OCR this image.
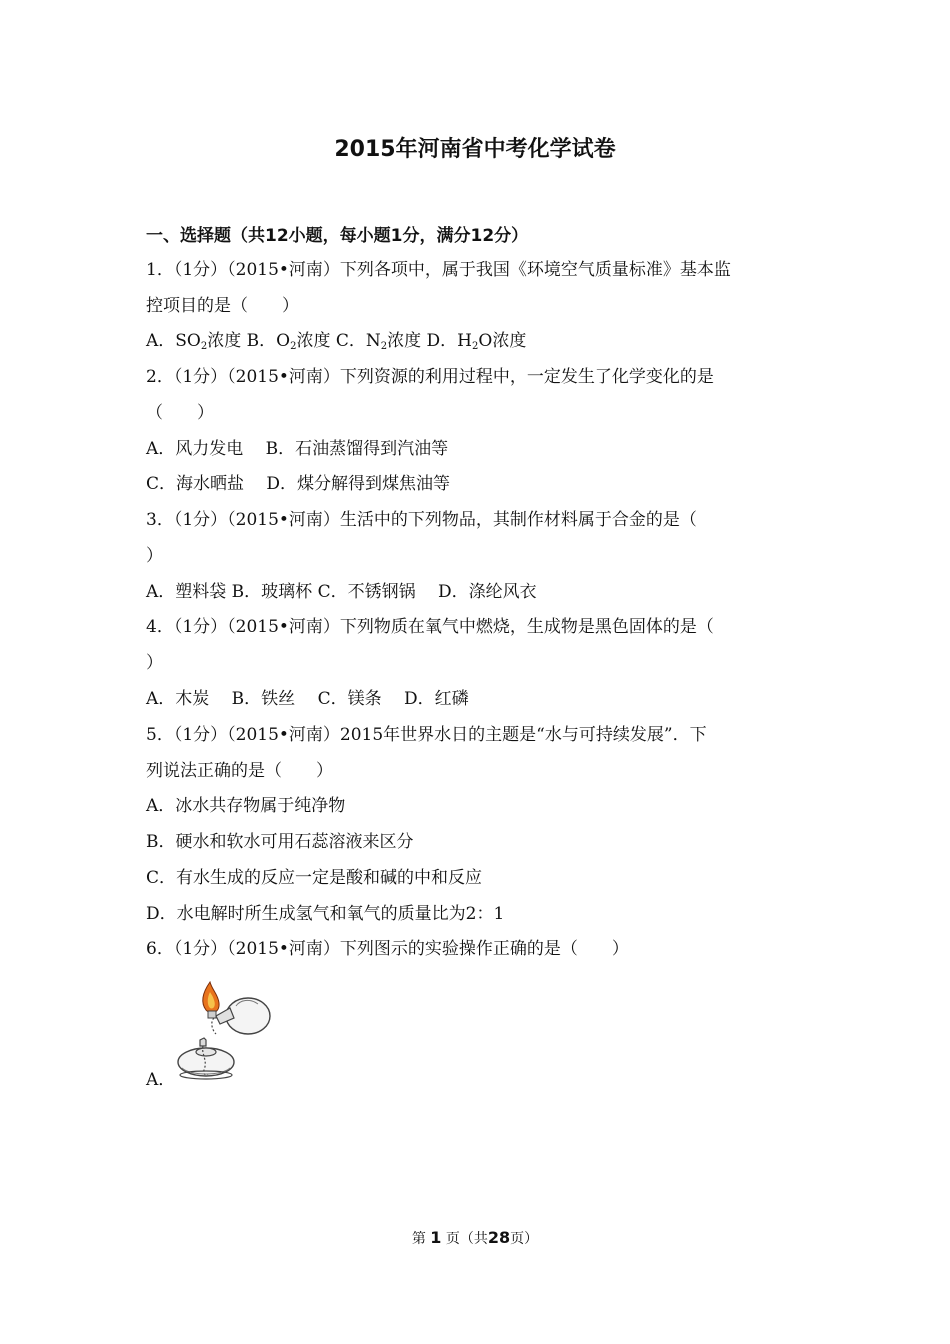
2015年河南省中考化学试卷
一、选择题（共12小题，每小题1分，满分12分）
1．（1分）（2015•河南）下列各项中，属于我国《环境空气质量标准》基本监
控项目的是（　　）
A．$SO_2$浓度 B．$O_2$浓度 C．$N_2$浓度 D．$H_2O$浓度
2．（1分）（2015•河南）下列资源的利用过程中，一定发生了化学变化的是
（　　）
A．风力发电　 B．石油蒸馏得到汽油等
C．海水晒盐　 D．煤分解得到煤焦油等
3．（1分）（2015•河南）生活中的下列物品，其制作材料属于合金的是（
）
A．塑料袋 B．玻璃杯 C．不锈钢锅　 D．涤纶风衣
4．（1分）（2015•河南）下列物质在氧气中燃烧，生成物是黑色固体的是（
）
A．木炭　 B．铁丝　 C．镁条　 D．红磷
5．（1分）（2015•河南）2015年世界水日的主题是“水与可持续发展”．下
列说法正确的是（　　）
A．冰水共存物属于纯净物
B．硬水和软水可用石蕊溶液来区分
C．有水生成的反应一定是酸和碱的中和反应
D．水电解时所生成氢气和氧气的质量比为2：1
6．（1分）（2015•河南）下列图示的实验操作正确的是（　　）
A．
第 1 页（共28页）
